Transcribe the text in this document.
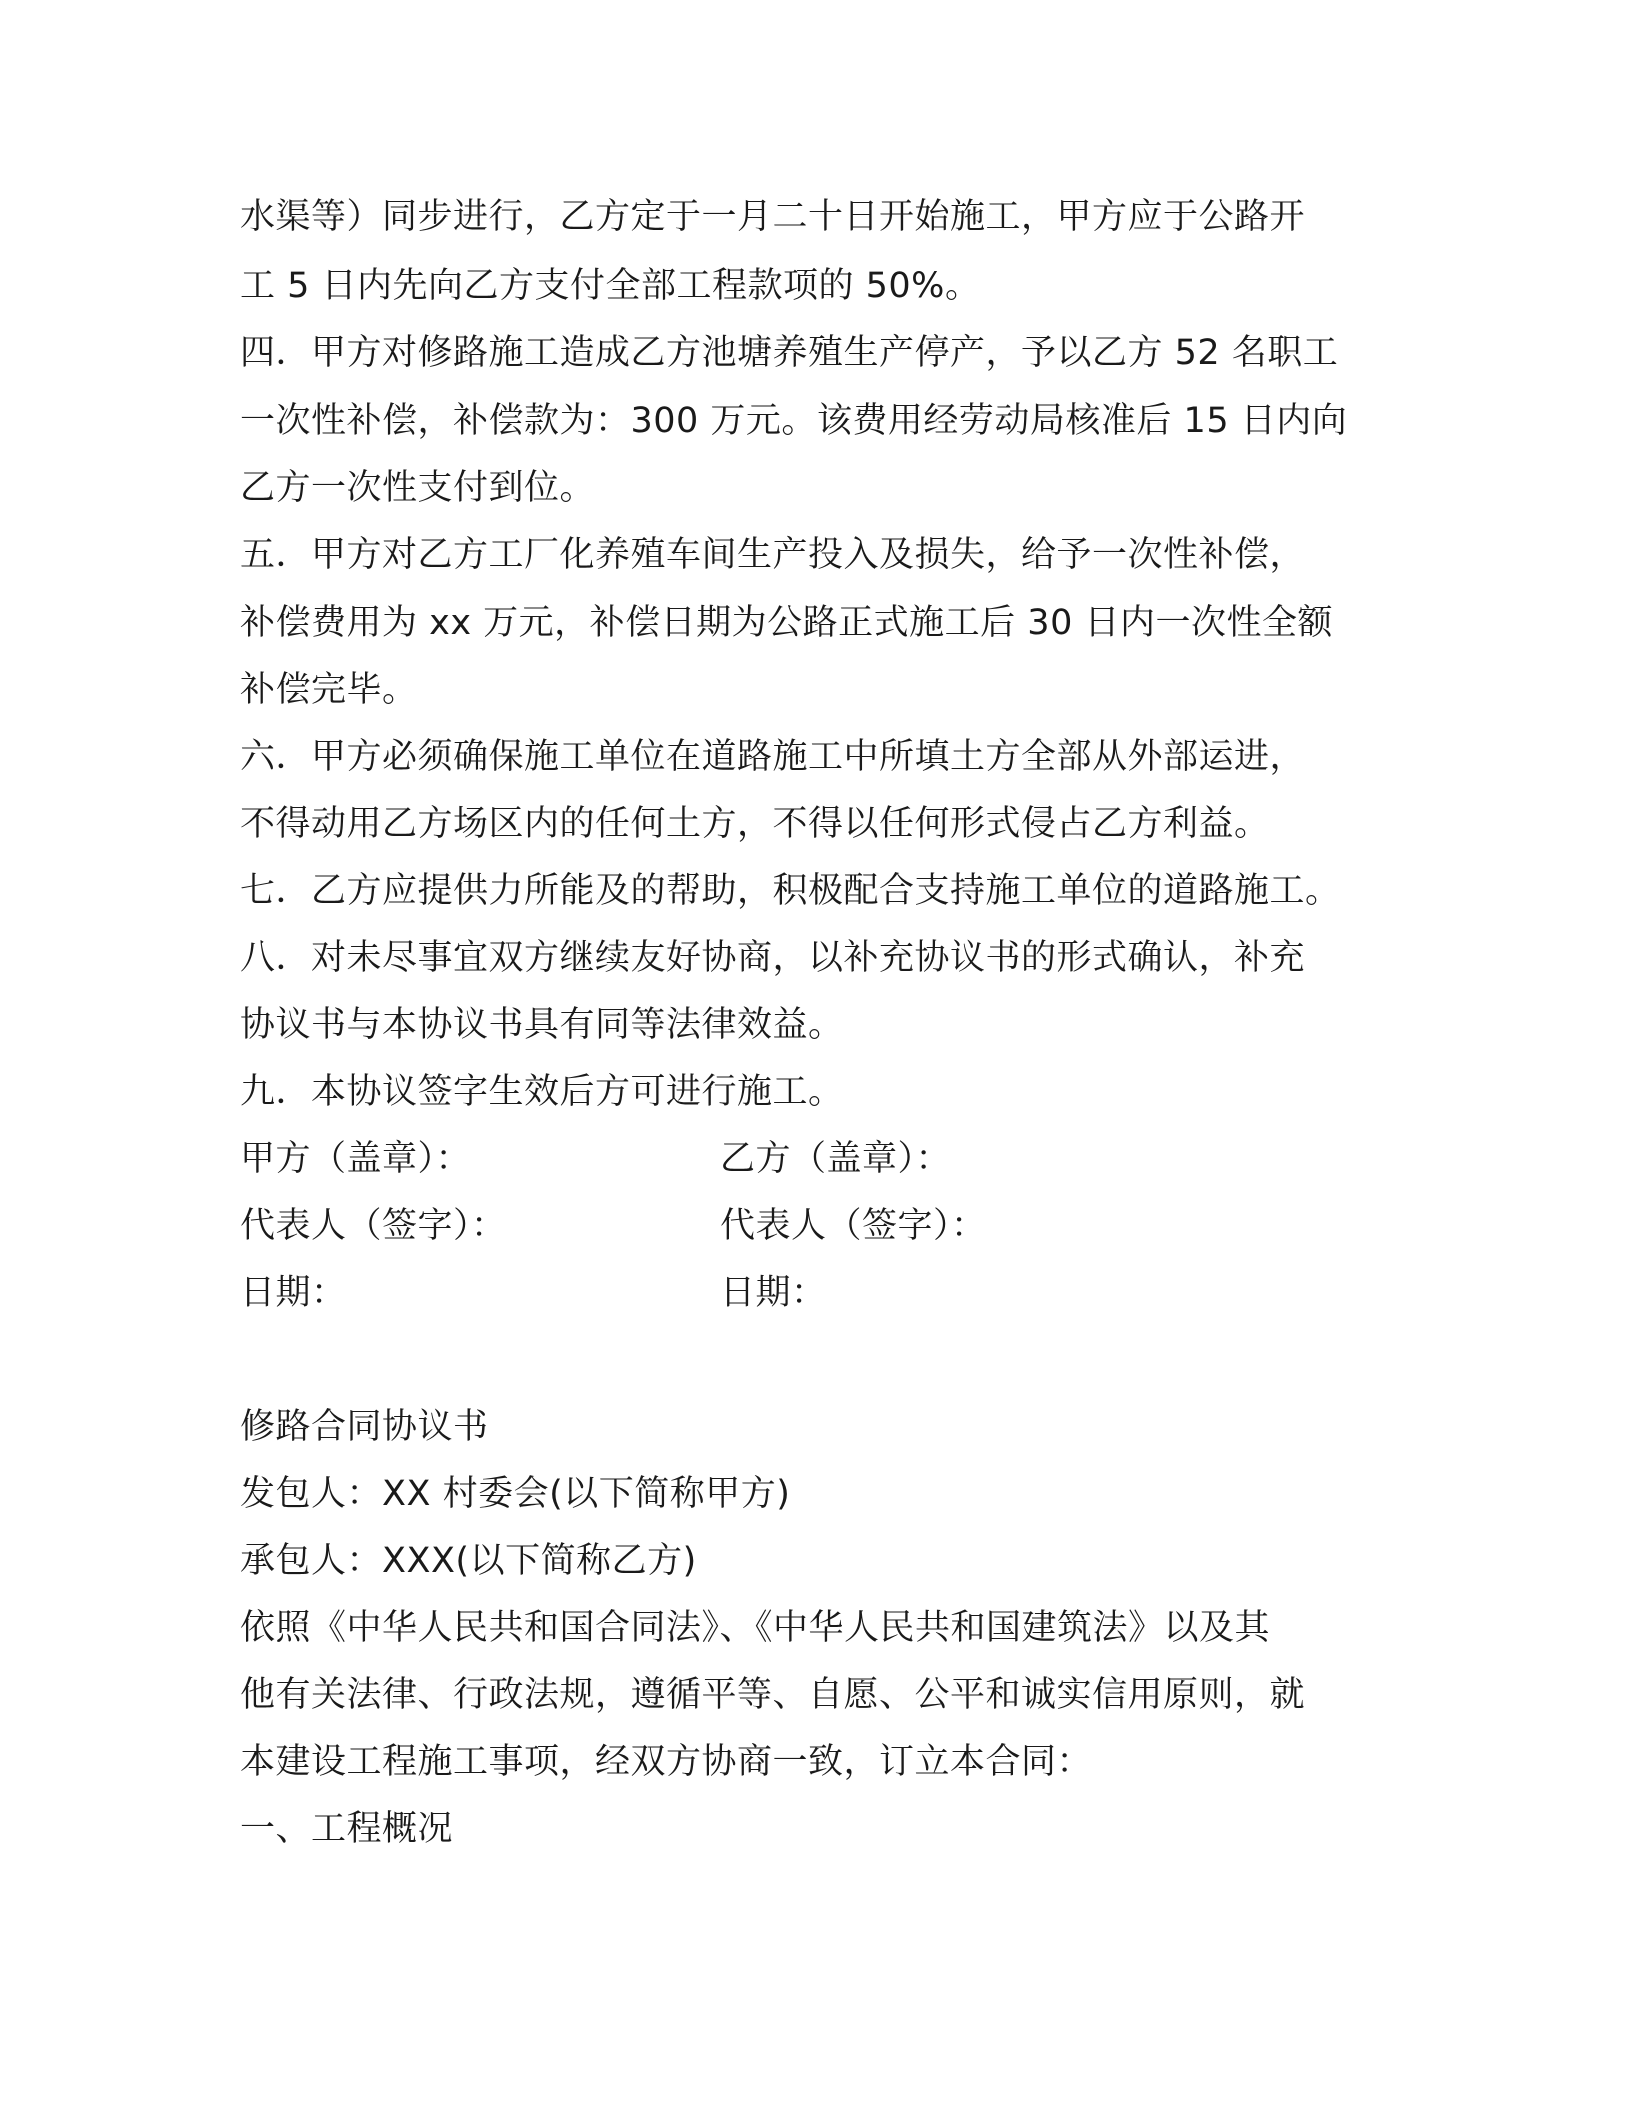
水渠等）同步进行，乙方定于一月二十日开始施工，甲方应于公路开
工 5 日内先向乙方支付全部工程款项的 50%。
四．甲方对修路施工造成乙方池塘养殖生产停产，予以乙方 52 名职工
一次性补偿，补偿款为：300 万元。该费用经劳动局核准后 15 日内向
乙方一次性支付到位。
五．甲方对乙方工厂化养殖车间生产投入及损失，给予一次性补偿，
补偿费用为 xx 万元，补偿日期为公路正式施工后 30 日内一次性全额
补偿完毕。
六．甲方必须确保施工单位在道路施工中所填土方全部从外部运进，
不得动用乙方场区内的任何土方，不得以任何形式侵占乙方利益。
七．乙方应提供力所能及的帮助，积极配合支持施工单位的道路施工。
八．对未尽事宜双方继续友好协商，以补充协议书的形式确认，补充
协议书与本协议书具有同等法律效益。
九．本协议签字生效后方可进行施工。
甲方（盖章）：	乙方（盖章）：
代表人（签字）：	代表人（签字）：
日期：	日期：
修路合同协议书
发包人：XX 村委会(以下简称甲方)
承包人：XXX(以下简称乙方)
依照《中华人民共和国合同法》、《中华人民共和国建筑法》以及其
他有关法律、行政法规，遵循平等、自愿、公平和诚实信用原则，就
本建设工程施工事项，经双方协商一致，订立本合同：
一、工程概况
